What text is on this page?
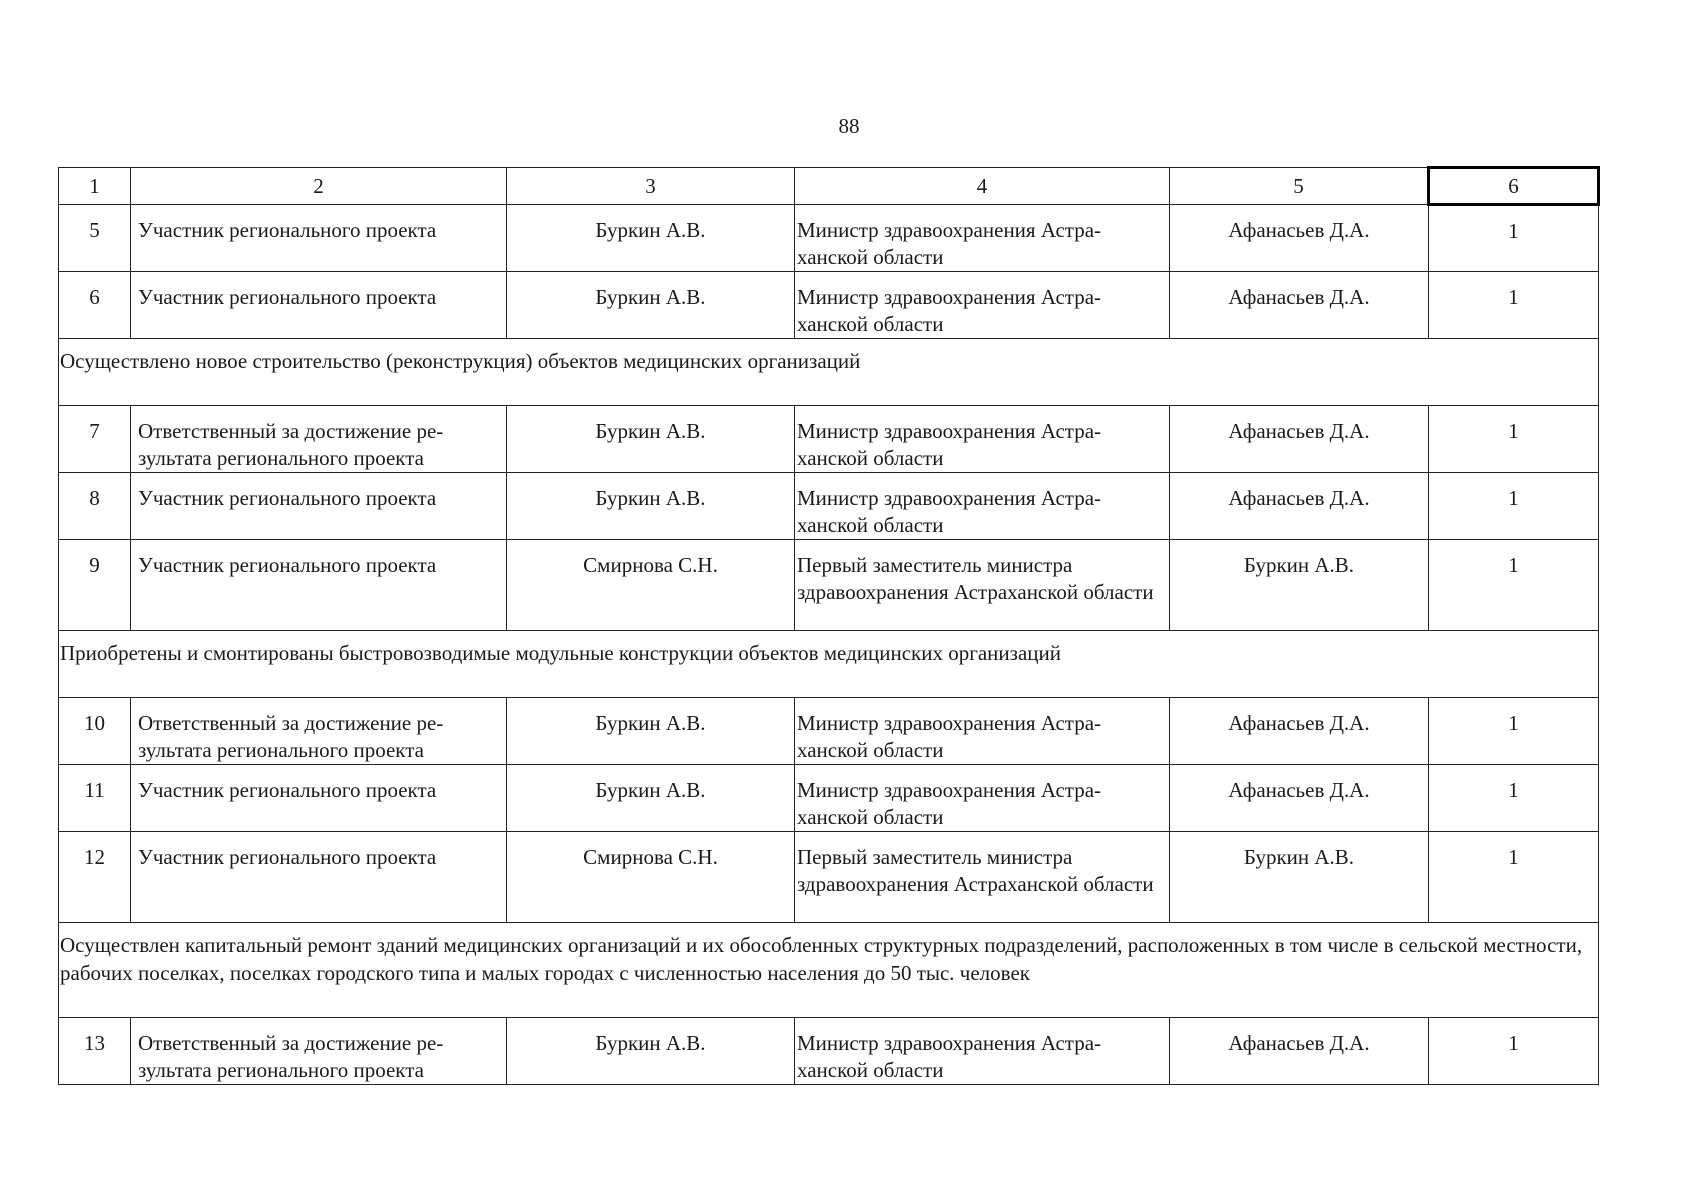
88
1	2	3	4	5	6
5	Участник регионального проекта	Буркин А.В.	Министр здравоохранения Астра-ханской области	Афанасьев Д.А.	1
6	Участник регионального проекта	Буркин А.В.	Министр здравоохранения Астра-ханской области	Афанасьев Д.А.	1
Осуществлено новое строительство (реконструкция) объектов медицинских организаций					
7	Ответственный за достижение ре-зультата регионального проекта	Буркин А.В.	Министр здравоохранения Астра-ханской области	Афанасьев Д.А.	1
8	Участник регионального проекта	Буркин А.В.	Министр здравоохранения Астра-ханской области	Афанасьев Д.А.	1
9	Участник регионального проекта	Смирнова С.Н.	Первый заместитель министра здравоохранения Астраханской области	Буркин А.В.	1
Приобретены и смонтированы быстровозводимые модульные конструкции объектов медицинских организаций					
10	Ответственный за достижение ре-зультата регионального проекта	Буркин А.В.	Министр здравоохранения Астра-ханской области	Афанасьев Д.А.	1
11	Участник регионального проекта	Буркин А.В.	Министр здравоохранения Астра-ханской области	Афанасьев Д.А.	1
12	Участник регионального проекта	Смирнова С.Н.	Первый заместитель министра здравоохранения Астраханской области	Буркин А.В.	1
Осуществлен капитальный ремонт зданий медицинских организаций и их обособленных структурных подразделений, расположенных в том числе в сельской местности, рабочих поселках, поселках городского типа и малых городах с численностью населения до 50 тыс. человек					
13	Ответственный за достижение ре-зультата регионального проекта	Буркин А.В.	Министр здравоохранения Астра-ханской области	Афанасьев Д.А.	1
